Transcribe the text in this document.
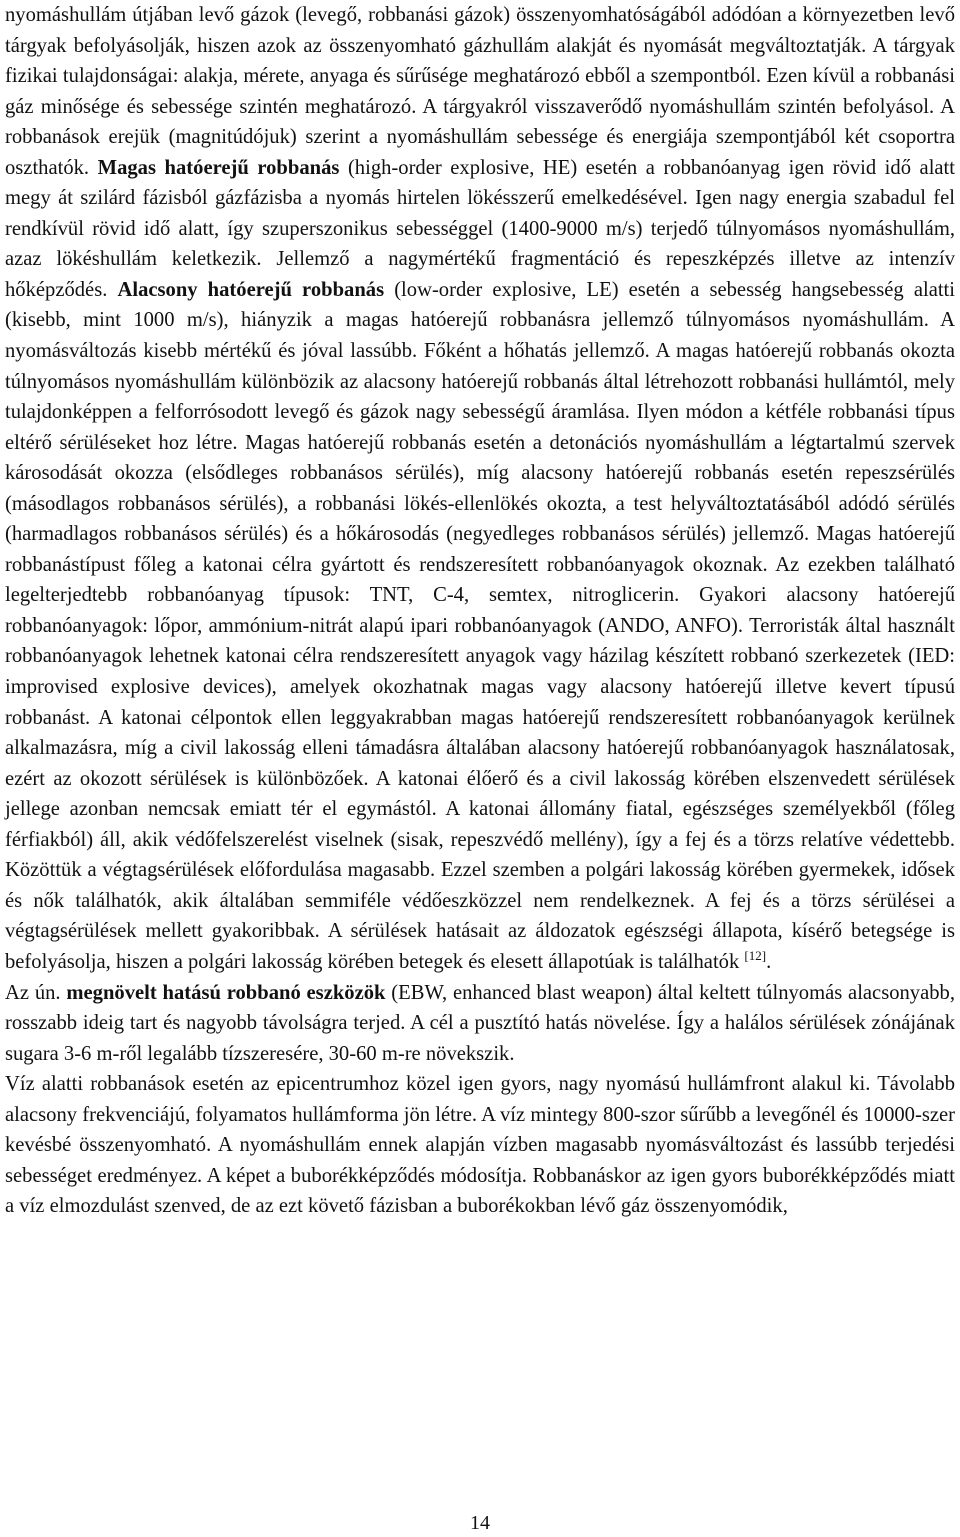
nyomáshullám útjában levő gázok (levegő, robbanási gázok) összenyomhatóságából adódóan a környezetben levő tárgyak befolyásolják, hiszen azok az összenyomható gázhullám alakját és nyomását megváltoztatják. A tárgyak fizikai tulajdonságai: alakja, mérete, anyaga és sűrűsége meghatározó ebből a szempontból. Ezen kívül a robbanási gáz minősége és sebessége szintén meghatározó. A tárgyakról visszaverődő nyomáshullám szintén befolyásol. A robbanások erejük (magnitúdójuk) szerint a nyomáshullám sebessége és energiája szempontjából két csoportra oszthatók. Magas hatóerejű robbanás (high-order explosive, HE) esetén a robbanóanyag igen rövid idő alatt megy át szilárd fázisból gázfázisba a nyomás hirtelen lökésszerű emelkedésével. Igen nagy energia szabadul fel rendkívül rövid idő alatt, így szuperszonikus sebességgel (1400-9000 m/s) terjedő túlnyomásos nyomáshullám, azaz lökéshullám keletkezik. Jellemző a nagymértékű fragmentáció és repeszképzés illetve az intenzív hőképződés. Alacsony hatóerejű robbanás (low-order explosive, LE) esetén a sebesség hangsebesség alatti (kisebb, mint 1000 m/s), hiányzik a magas hatóerejű robbanásra jellemző túlnyomásos nyomáshullám. A nyomásváltozás kisebb mértékű és jóval lassúbb. Főként a hőhatás jellemző. A magas hatóerejű robbanás okozta túlnyomásos nyomáshullám különbözik az alacsony hatóerejű robbanás által létrehozott robbanási hullámtól, mely tulajdonképpen a felforrósodott levegő és gázok nagy sebességű áramlása. Ilyen módon a kétféle robbanási típus eltérő sérüléseket hoz létre. Magas hatóerejű robbanás esetén a detonációs nyomáshullám a légtartalmú szervek károsodását okozza (elsődleges robbanásos sérülés), míg alacsony hatóerejű robbanás esetén repeszsérülés (másodlagos robbanásos sérülés), a robbanási lökés-ellenlökés okozta, a test helyváltoztatásából adódó sérülés (harmadlagos robbanásos sérülés) és a hőkárosodás (negyedleges robbanásos sérülés) jellemző. Magas hatóerejű robbanástípust főleg a katonai célra gyártott és rendszeresített robbanóanyagok okoznak. Az ezekben található legelterjedtebb robbanóanyag típusok: TNT, C-4, semtex, nitroglicerin. Gyakori alacsony hatóerejű robbanóanyagok: lőpor, ammónium-nitrát alapú ipari robbanóanyagok (ANDO, ANFO). Terroristák által használt robbanóanyagok lehetnek katonai célra rendszeresített anyagok vagy házilag készített robbanó szerkezetek (IED: improvised explosive devices), amelyek okozhatnak magas vagy alacsony hatóerejű illetve kevert típusú robbanást. A katonai célpontok ellen leggyakrabban magas hatóerejű rendszeresített robbanóanyagok kerülnek alkalmazásra, míg a civil lakosság elleni támadásra általában alacsony hatóerejű robbanóanyagok használatosak, ezért az okozott sérülések is különbözőek. A katonai élőerő és a civil lakosság körében elszenvedett sérülések jellege azonban nemcsak emiatt tér el egymástól. A katonai állomány fiatal, egészséges személyekből (főleg férfiakból) áll, akik védőfelszerelést viselnek (sisak, repeszvédő mellény), így a fej és a törzs relatíve védettebb. Közöttük a végtagsérülések előfordulása magasabb. Ezzel szemben a polgári lakosság körében gyermekek, idősek és nők találhatók, akik általában semmiféle védőeszközzel nem rendelkeznek. A fej és a törzs sérülései a végtagsérülések mellett gyakoribbak. A sérülések hatásait az áldozatok egészségi állapota, kísérő betegsége is befolyásolja, hiszen a polgári lakosság körében betegek és elesett állapotúak is találhatók [12].

Az ún. megnövelt hatású robbanó eszközök (EBW, enhanced blast weapon) által keltett túlnyomás alacsonyabb, rosszabb ideig tart és nagyobb távolságra terjed. A cél a pusztító hatás növelése. Így a halálos sérülések zónájának sugara 3-6 m-ről legalább tízszeresére, 30-60 m-re növekszik.

Víz alatti robbanások esetén az epicentrumhoz közel igen gyors, nagy nyomású hullámfront alakul ki. Távolabb alacsony frekvenciájú, folyamatos hullámforma jön létre. A víz mintegy 800-szor sűrűbb a levegőnél és 10000-szer kevésbé összenyomható. A nyomáshullám ennek alapján vízben magasabb nyomásváltozást és lassúbb terjedési sebességet eredményez. A képet a buborékképződés módosítja. Robbanáskor az igen gyors buborékképződés miatt a víz elmozdulást szenved, de az ezt követő fázisban a buborékokban lévő gáz összenyomódik,

14
